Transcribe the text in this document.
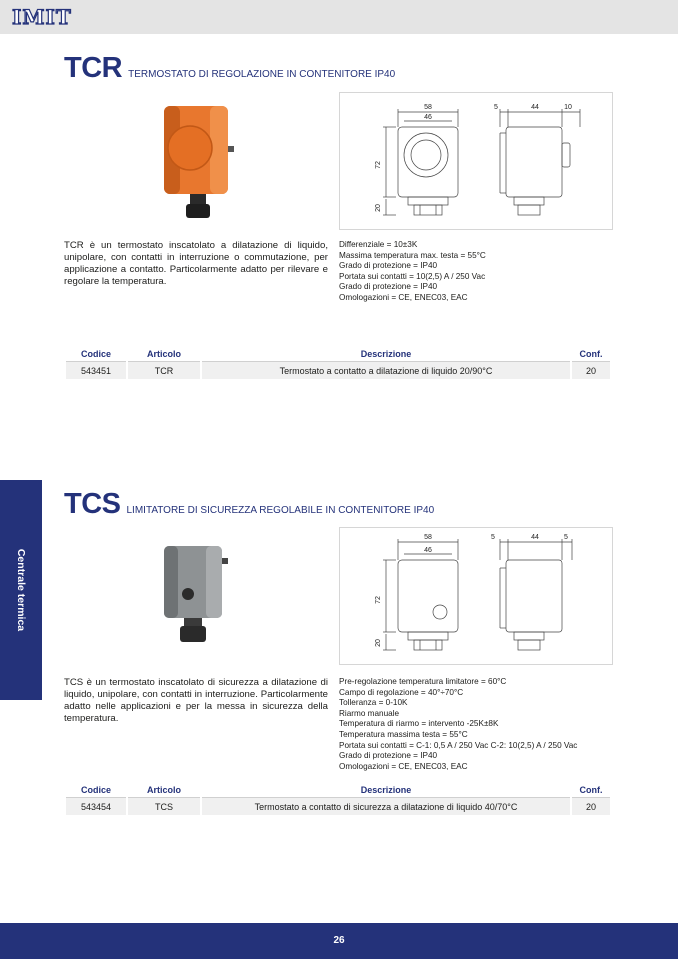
IMIT
TCR TERMOSTATO DI REGOLAZIONE IN CONTENITORE IP40
58
46
72
20
5	44	10
TCR è un termostato inscatolato a dilatazione di liquido, unipolare, con contatti in interruzione o commutazione, per applicazione a contatto. Particolarmente adatto per rilevare e regolare la temperatura.
Differenziale = 10±3K
Massima temperatura max. testa = 55°C
Grado di protezione = IP40
Portata sui contatti = 10(2,5) A / 250 Vac
Grado di protezione = IP40
Omologazioni = CE, ENEC03, EAC
Codice	Articolo	Descrizione	Conf.
543451	TCR	Termostato a contatto a dilatazione di liquido 20/90°C	20
Centrale termica
TCS LIMITATORE DI SICUREZZA REGOLABILE IN CONTENITORE IP40
58
46
72
20
5	44	5
TCS è un termostato inscatolato di sicurezza a dilatazione di liquido, unipolare, con contatti in interruzione. Particolarmente adatto nelle applicazioni e per la messa in sicurezza della temperatura.
Pre-regolazione temperatura limitatore = 60°C
Campo di regolazione = 40°÷70°C
Tolleranza = 0-10K
Riarmo manuale
Temperatura di riarmo = intervento -25K±8K
Temperatura massima testa = 55°C
Portata sui contatti = C-1: 0,5 A / 250 Vac C-2: 10(2,5) A / 250 Vac
Grado di protezione = IP40
Omologazioni = CE, ENEC03, EAC
Codice	Articolo	Descrizione	Conf.
543454	TCS	Termostato a contatto di sicurezza a dilatazione di liquido 40/70°C	20
26
